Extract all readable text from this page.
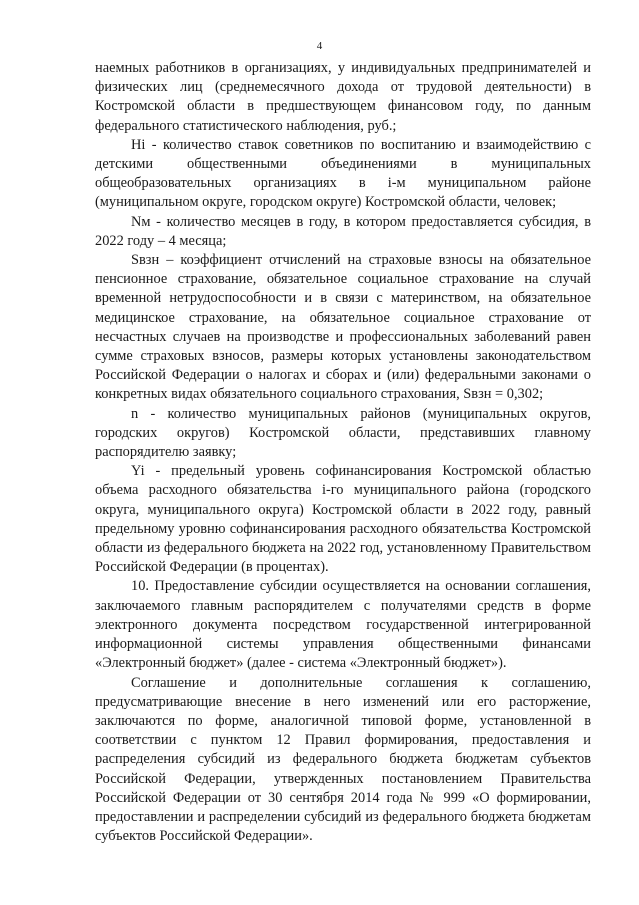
4

наемных работников в организациях, у индивидуальных предпринимателей и физических лиц (среднемесячного дохода от трудовой деятельности) в Костромской области в предшествующем финансовом году, по данным федерального статистического наблюдения, руб.;

Hi - количество ставок советников по воспитанию и взаимодействию с детскими общественными объединениями в муниципальных общеобразовательных организациях в i-м муниципальном районе (муниципальном округе, городском округе) Костромской области, человек;

Nм - количество месяцев в году, в котором предоставляется субсидия, в 2022 году – 4 месяца;

Sвзн – коэффициент отчислений на страховые взносы на обязательное пенсионное страхование, обязательное социальное страхование на случай временной нетрудоспособности и в связи с материнством, на обязательное медицинское страхование, на обязательное социальное страхование от несчастных случаев на производстве и профессиональных заболеваний равен сумме страховых взносов, размеры которых установлены законодательством Российской Федерации о налогах и сборах и (или) федеральными законами о конкретных видах обязательного социального страхования, Sвзн = 0,302;

n - количество муниципальных районов (муниципальных округов, городских округов) Костромской области, представивших главному распорядителю заявку;

Yi - предельный уровень софинансирования Костромской областью объема расходного обязательства i-го муниципального района (городского округа, муниципального округа) Костромской области в 2022 году, равный предельному уровню софинансирования расходного обязательства Костромской области из федерального бюджета на 2022 год, установленному Правительством Российской Федерации (в процентах).

10. Предоставление субсидии осуществляется на основании соглашения, заключаемого главным распорядителем с получателями средств в форме электронного документа посредством государственной интегрированной информационной системы управления общественными финансами «Электронный бюджет» (далее - система «Электронный бюджет»).

Соглашение и дополнительные соглашения к соглашению, предусматривающие внесение в него изменений или его расторжение, заключаются по форме, аналогичной типовой форме, установленной в соответствии с пунктом 12 Правил формирования, предоставления и распределения субсидий из федерального бюджета бюджетам субъектов Российской Федерации, утвержденных постановлением Правительства Российской Федерации от 30 сентября 2014 года № 999 «О формировании, предоставлении и распределении субсидий из федерального бюджета бюджетам субъектов Российской Федерации».
